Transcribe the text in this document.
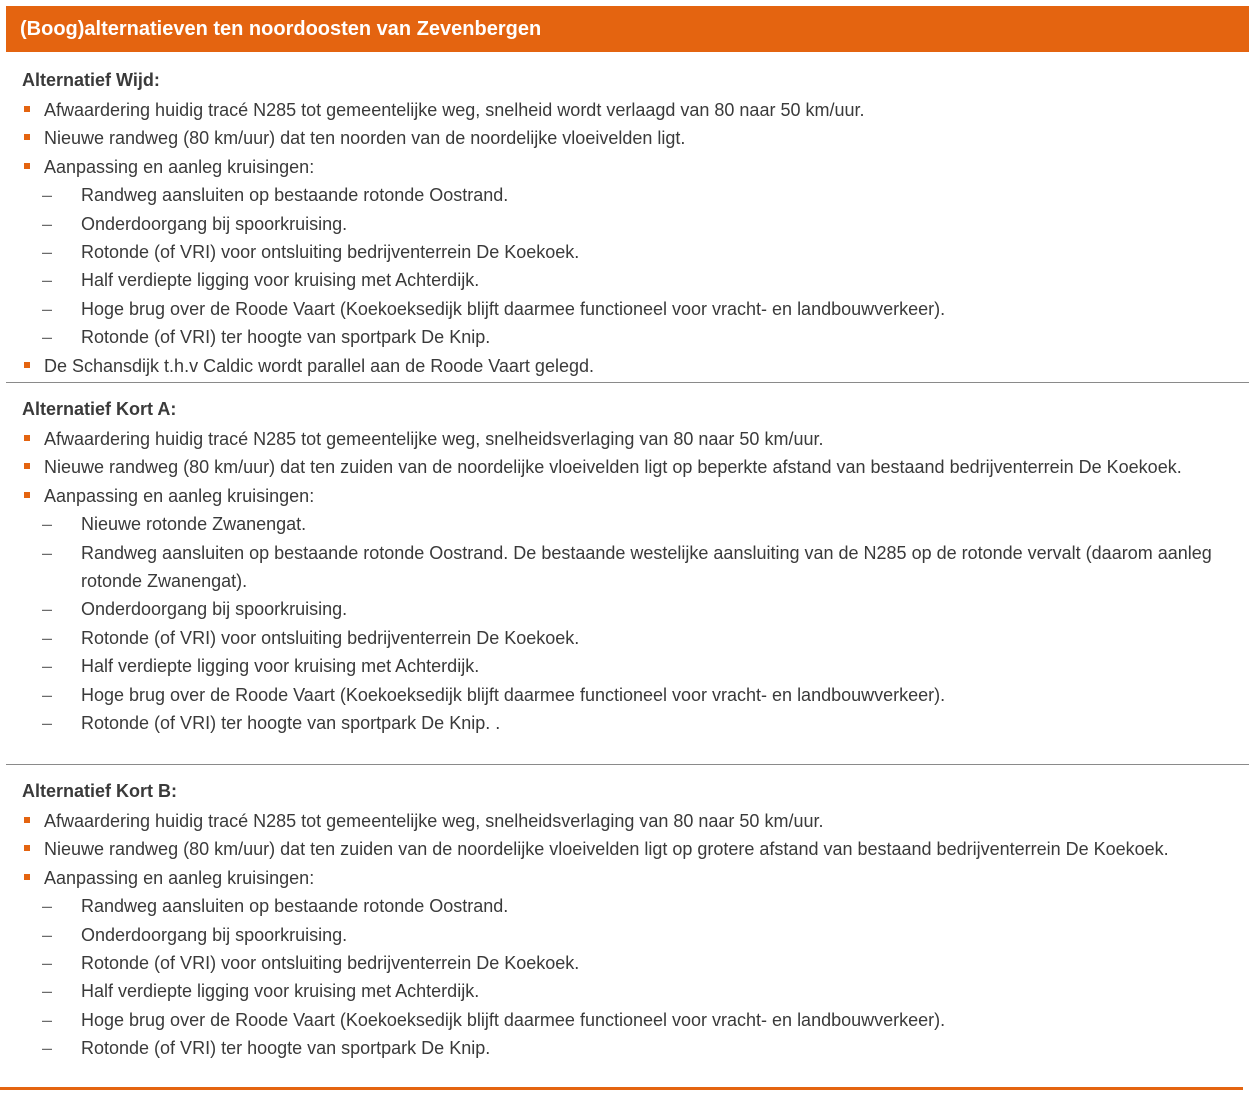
(Boog)alternatieven ten noordoosten van Zevenbergen
Alternatief Wijd:
Afwaardering huidig tracé N285 tot gemeentelijke weg, snelheid wordt verlaagd van 80 naar 50 km/uur.
Nieuwe randweg (80 km/uur) dat ten noorden van de noordelijke vloeivelden ligt.
Aanpassing en aanleg kruisingen:
– Randweg aansluiten op bestaande rotonde Oostrand.
– Onderdoorgang bij spoorkruising.
– Rotonde (of VRI) voor ontsluiting bedrijventerrein De Koekoek.
– Half verdiepte ligging voor kruising met Achterdijk.
– Hoge brug over de Roode Vaart (Koekoeksedijk blijft daarmee functioneel voor vracht- en landbouwverkeer).
– Rotonde (of VRI) ter hoogte van sportpark De Knip.
De Schansdijk t.h.v Caldic wordt parallel aan de Roode Vaart gelegd.
Alternatief Kort A:
Afwaardering huidig tracé N285 tot gemeentelijke weg, snelheidsverlaging van 80 naar 50 km/uur.
Nieuwe randweg (80 km/uur) dat ten zuiden van de noordelijke vloeivelden ligt op beperkte afstand van bestaand bedrijventerrein De Koekoek.
Aanpassing en aanleg kruisingen:
– Nieuwe rotonde Zwanengat.
– Randweg aansluiten op bestaande rotonde Oostrand. De bestaande westelijke aansluiting van de N285 op de rotonde vervalt (daarom aanleg rotonde Zwanengat).
– Onderdoorgang bij spoorkruising.
– Rotonde (of VRI) voor ontsluiting bedrijventerrein De Koekoek.
– Half verdiepte ligging voor kruising met Achterdijk.
– Hoge brug over de Roode Vaart (Koekoeksedijk blijft daarmee functioneel voor vracht- en landbouwverkeer).
– Rotonde (of VRI) ter hoogte van sportpark De Knip. .
Alternatief Kort B:
Afwaardering huidig tracé N285 tot gemeentelijke weg, snelheidsverlaging van 80 naar 50 km/uur.
Nieuwe randweg (80 km/uur) dat ten zuiden van de noordelijke vloeivelden ligt op grotere afstand van bestaand bedrijventerrein De Koekoek.
Aanpassing en aanleg kruisingen:
– Randweg aansluiten op bestaande rotonde Oostrand.
– Onderdoorgang bij spoorkruising.
– Rotonde (of VRI) voor ontsluiting bedrijventerrein De Koekoek.
– Half verdiepte ligging voor kruising met Achterdijk.
– Hoge brug over de Roode Vaart (Koekoeksedijk blijft daarmee functioneel voor vracht- en landbouwverkeer).
– Rotonde (of VRI) ter hoogte van sportpark De Knip.
